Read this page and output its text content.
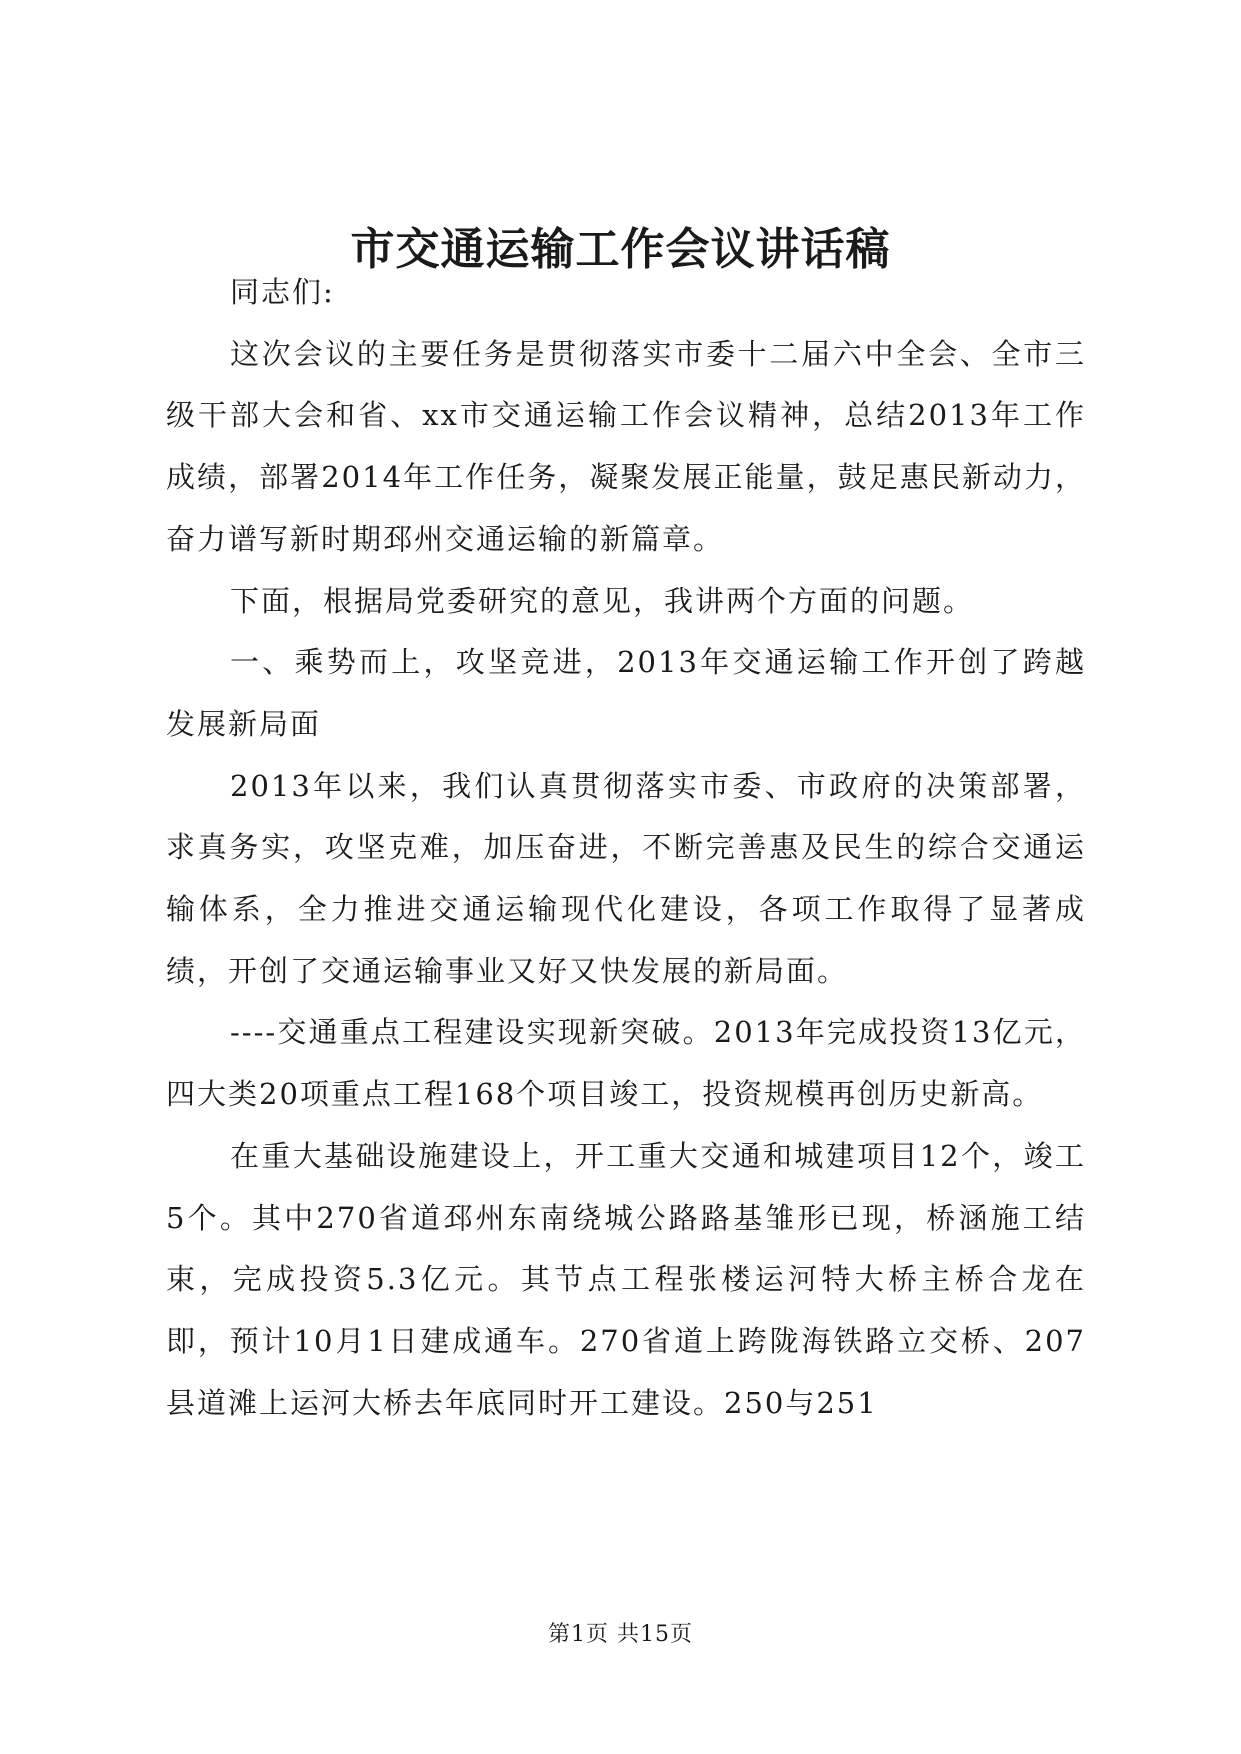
市交通运输工作会议讲话稿

同志们:

这次会议的主要任务是贯彻落实市委十二届六中全会、全市三级干部大会和省、xx市交通运输工作会议精神，总结2013年工作成绩，部署2014年工作任务，凝聚发展正能量，鼓足惠民新动力，奋力谱写新时期邳州交通运输的新篇章。

下面，根据局党委研究的意见，我讲两个方面的问题。

一、乘势而上，攻坚竞进，2013年交通运输工作开创了跨越发展新局面

2013年以来，我们认真贯彻落实市委、市政府的决策部署，求真务实，攻坚克难，加压奋进，不断完善惠及民生的综合交通运输体系，全力推进交通运输现代化建设，各项工作取得了显著成绩，开创了交通运输事业又好又快发展的新局面。

----交通重点工程建设实现新突破。2013年完成投资13亿元，四大类20项重点工程168个项目竣工，投资规模再创历史新高。

在重大基础设施建设上，开工重大交通和城建项目12个，竣工5个。其中270省道邳州东南绕城公路路基雏形已现，桥涵施工结束，完成投资5.3亿元。其节点工程张楼运河特大桥主桥合龙在即，预计10月1日建成通车。270省道上跨陇海铁路立交桥、207县道滩上运河大桥去年底同时开工建设。250与251

第1页 共15页
